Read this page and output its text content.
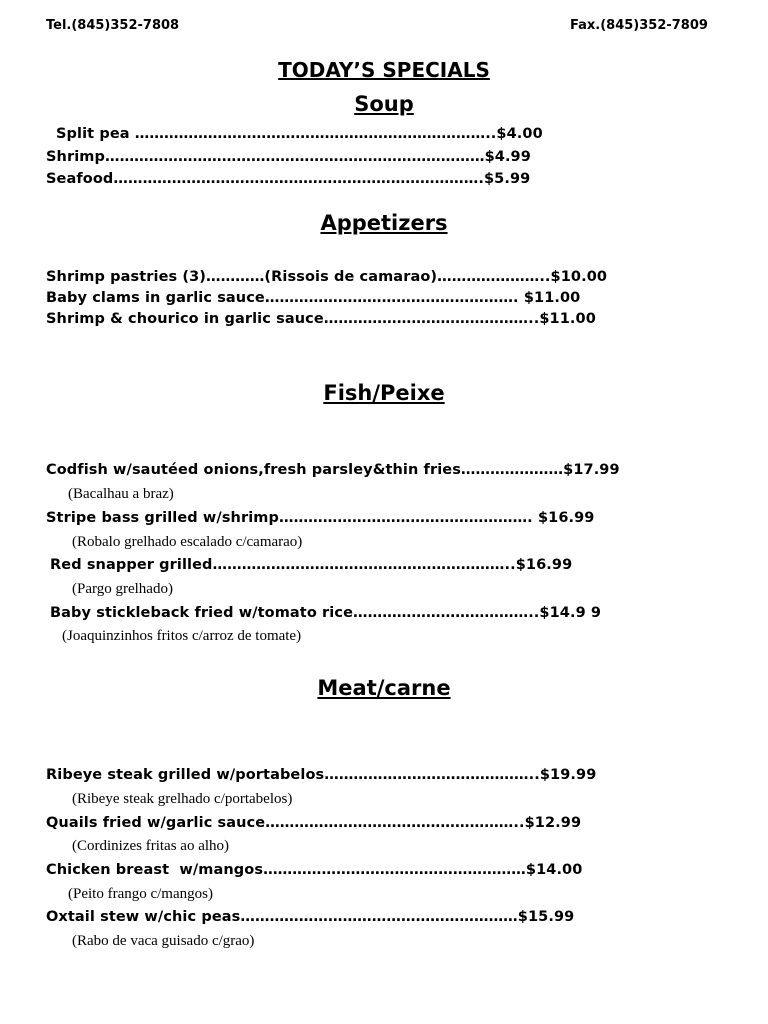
Tel.(845)352-7808	Fax.(845)352-7809
TODAY’S SPECIALS
Soup
Split pea ………………………………………………………………..$4.00
Shrimp……………………………………………………………………$4.99
Seafood………………………………………………………………….$5.99
Appetizers
Shrimp pastries (3)…………(Rissois de camarao)…………………..$10.00
Baby clams in garlic sauce……………………………………………. $11.00
Shrimp & chourico in garlic sauce……………………………………..$11.00
Fish/Peixe
Codfish w/sautéed onions,fresh parsley&thin fries…………………$17.99
(Bacalhau a braz)
Stripe bass grilled w/shrimp……………………………………………. $16.99
(Robalo grelhado escalado c/camarao)
Red snapper grilled……………………………………………………..$16.99
(Pargo grelhado)
Baby stickleback fried w/tomato rice………………………………..$14.9 9
(Joaquinzinhos fritos c/arroz de tomate)
Meat/carne
Ribeye steak grilled w/portabelos……………………………………..$19.99
(Ribeye steak grelhado c/portabelos)
Quails fried w/garlic sauce……………………………………………..$12.99
(Cordinizes fritas ao alho)
Chicken breast  w/mangos………………………………………………$14.00
(Peito frango c/mangos)
Oxtail stew w/chic peas…………………………………………………$15.99
(Rabo de vaca guisado c/grao)
